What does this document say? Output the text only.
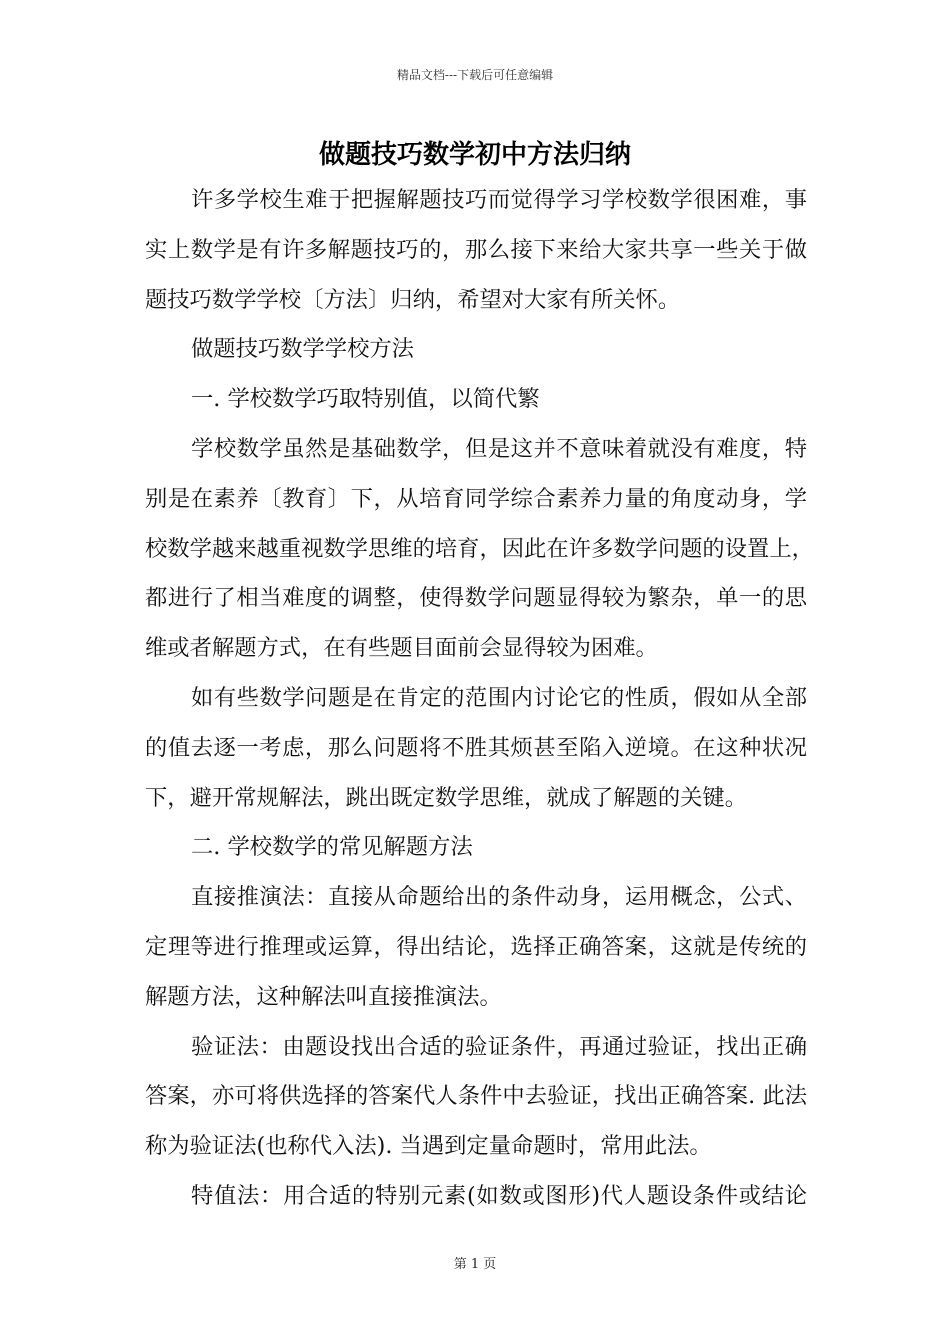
精品文档---下载后可任意编辑
做题技巧数学初中方法归纳
许多学校生难于把握解题技巧而觉得学习学校数学很困难，事
实上数学是有许多解题技巧的，那么接下来给大家共享一些关于做
题技巧数学学校〔方法〕归纳，希望对大家有所关怀。
做题技巧数学学校方法
一. 学校数学巧取特别值，以简代繁
学校数学虽然是基础数学，但是这并不意味着就没有难度，特
别是在素养〔教育〕下，从培育同学综合素养力量的角度动身，学
校数学越来越重视数学思维的培育，因此在许多数学问题的设置上，
都进行了相当难度的调整，使得数学问题显得较为繁杂，单一的思
维或者解题方式，在有些题目面前会显得较为困难。
如有些数学问题是在肯定的范围内讨论它的性质，假如从全部
的值去逐一考虑，那么问题将不胜其烦甚至陷入逆境。在这种状况
下，避开常规解法，跳出既定数学思维，就成了解题的关键。
二. 学校数学的常见解题方法
直接推演法：直接从命题给出的条件动身，运用概念，公式、
定理等进行推理或运算，得出结论，选择正确答案，这就是传统的
解题方法，这种解法叫直接推演法。
验证法：由题设找出合适的验证条件，再通过验证，找出正确
答案，亦可将供选择的答案代人条件中去验证，找出正确答案. 此法
称为验证法(也称代入法). 当遇到定量命题时，常用此法。
特值法：用合适的特别元素(如数或图形)代人题设条件或结论
第 1 页
